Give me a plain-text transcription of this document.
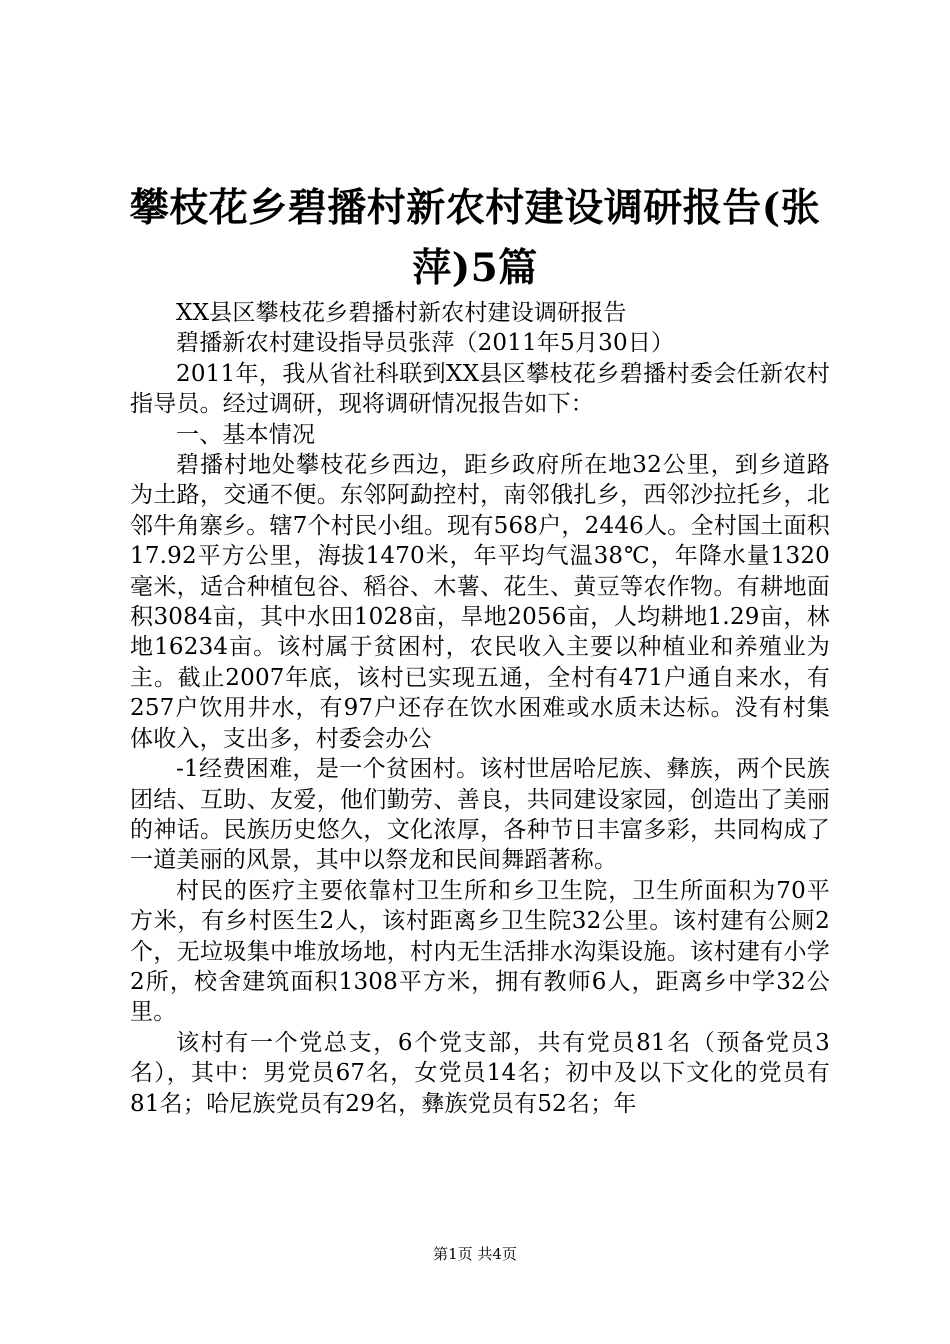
攀枝花乡碧播村新农村建设调研报告(张萍)5篇

XX县区攀枝花乡碧播村新农村建设调研报告

碧播新农村建设指导员张萍（2011年5月30日）

2011年，我从省社科联到XX县区攀枝花乡碧播村委会任新农村指导员。经过调研，现将调研情况报告如下：

一、基本情况

碧播村地处攀枝花乡西边，距乡政府所在地32公里，到乡道路为土路，交通不便。东邻阿勐控村，南邻俄扎乡，西邻沙拉托乡，北邻牛角寨乡。辖7个村民小组。现有568户，2446人。全村国土面积17.92平方公里，海拔1470米，年平均气温38℃，年降水量1320毫米，适合种植包谷、稻谷、木薯、花生、黄豆等农作物。有耕地面积3084亩，其中水田1028亩，旱地2056亩，人均耕地1.29亩，林地16234亩。该村属于贫困村，农民收入主要以种植业和养殖业为主。截止2007年底，该村已实现五通，全村有471户通自来水，有257户饮用井水，有97户还存在饮水困难或水质未达标。没有村集体收入，支出多，村委会办公

-1经费困难，是一个贫困村。该村世居哈尼族、彝族，两个民族团结、互助、友爱，他们勤劳、善良，共同建设家园，创造出了美丽的神话。民族历史悠久，文化浓厚，各种节日丰富多彩，共同构成了一道美丽的风景，其中以祭龙和民间舞蹈著称。

村民的医疗主要依靠村卫生所和乡卫生院，卫生所面积为70平方米，有乡村医生2人，该村距离乡卫生院32公里。该村建有公厕2个，无垃圾集中堆放场地，村内无生活排水沟渠设施。该村建有小学2所，校舍建筑面积1308平方米，拥有教师6人，距离乡中学32公里。

该村有一个党总支，6个党支部，共有党员81名（预备党员3名），其中：男党员67名，女党员14名；初中及以下文化的党员有81名；哈尼族党员有29名，彝族党员有52名；年

第1页 共4页
